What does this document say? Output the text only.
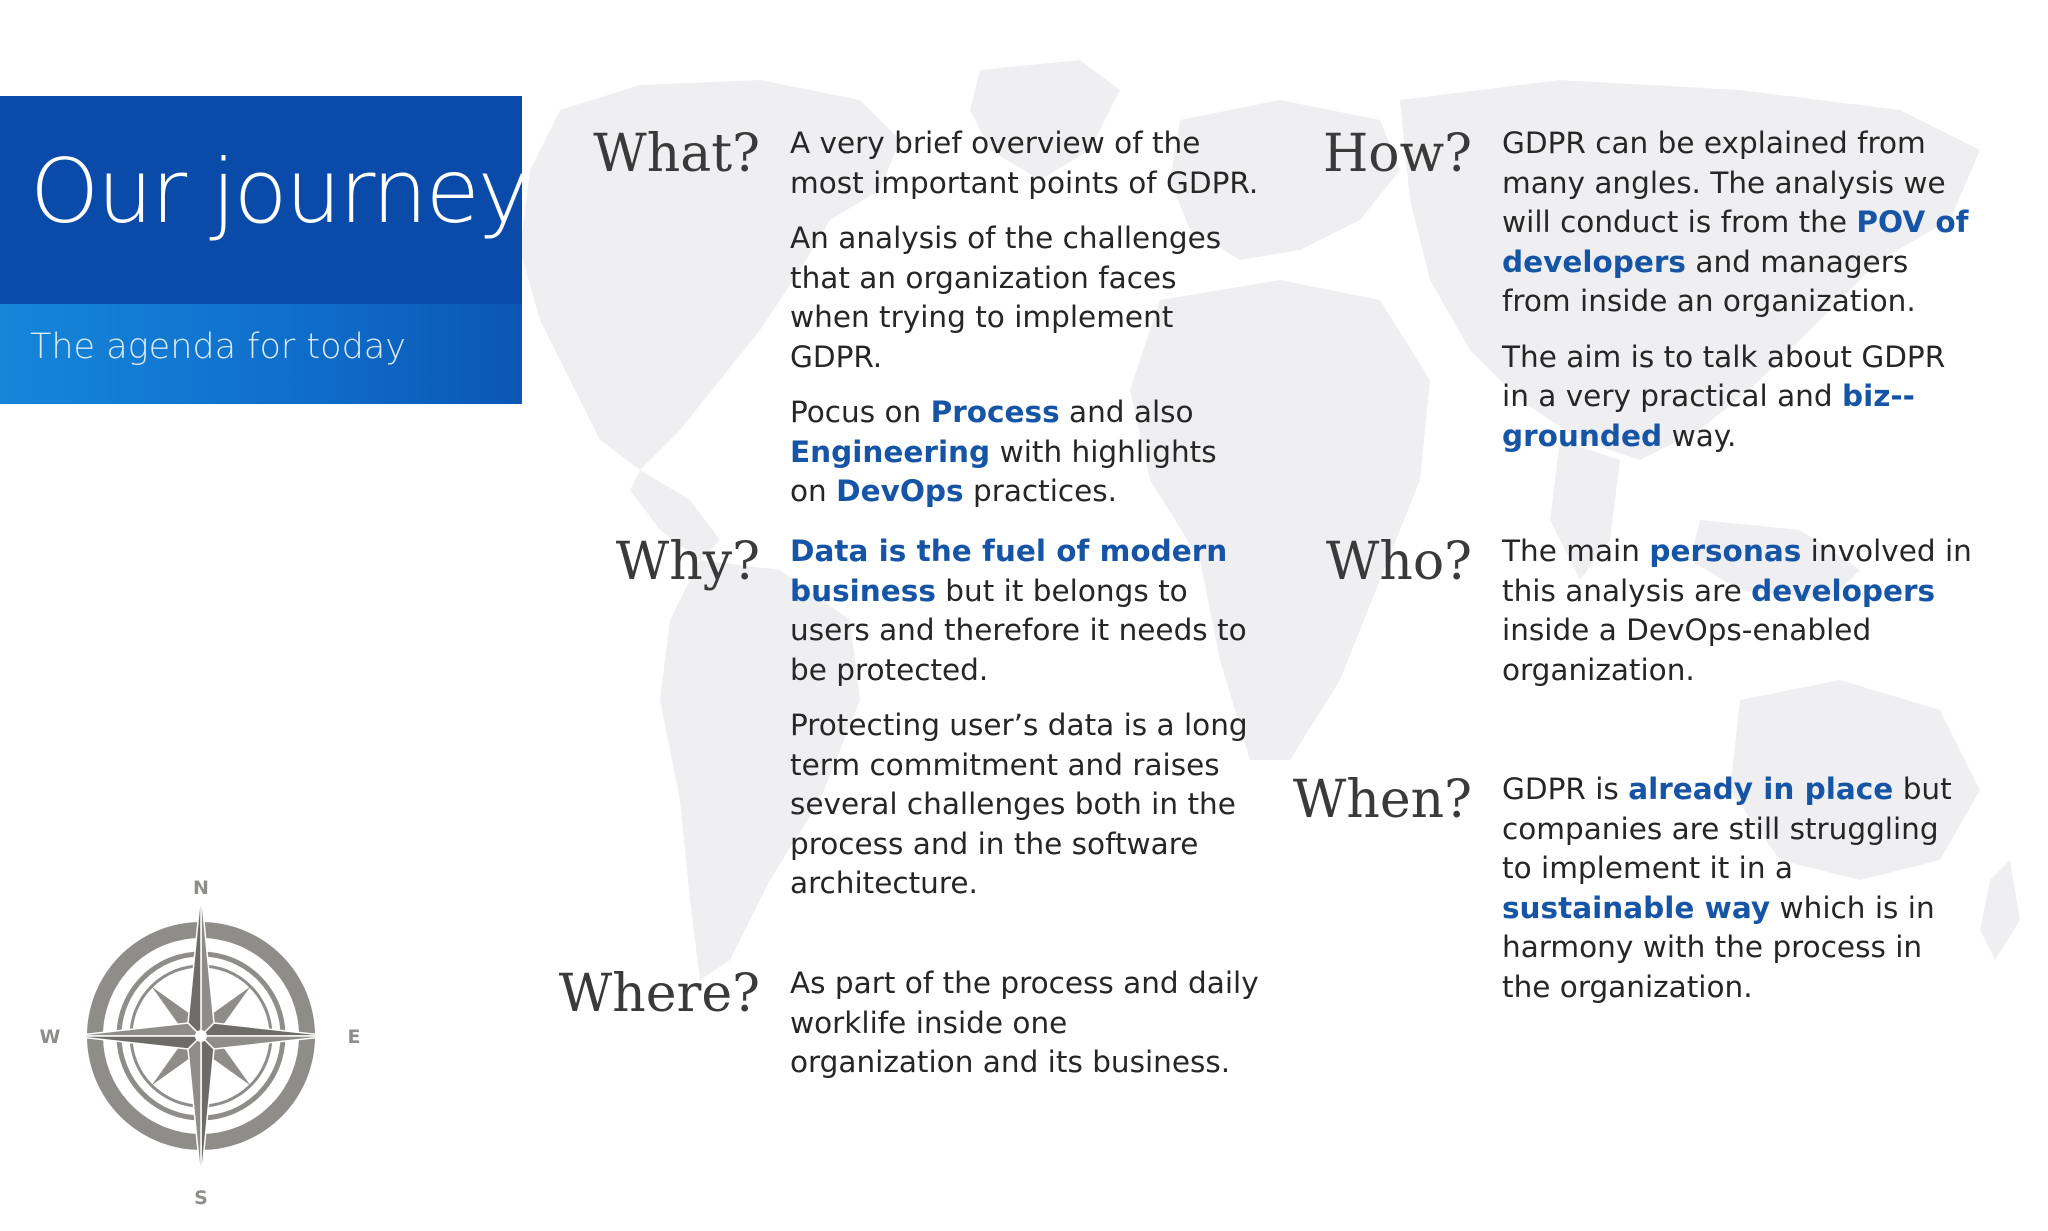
Our journey
The agenda for today
What? A very brief overview of the most important points of GDPR.

An analysis of the challenges that an organization faces when trying to implement GDPR.

Pocus on Process and also Engineering with highlights on DevOps practices.

Why? Data is the fuel of modern business but it belongs to users and therefore it needs to be protected.

Protecting user’s data is a long term commitment and raises several challenges both in the process and in the software architecture.

Where? As part of the process and daily worklife inside one organization and its business.

How? GDPR can be explained from many angles. The analysis we will conduct is from the POV of developers and managers from inside an organization.

The aim is to talk about GDPR in a very practical and biz--grounded way.

Who? The main personas involved in this analysis are developers inside a DevOps-enabled organization.

When? GDPR is already in place but companies are still struggling to implement it in a sustainable way which is in harmony with the process in the organization.

N
S
E
W
